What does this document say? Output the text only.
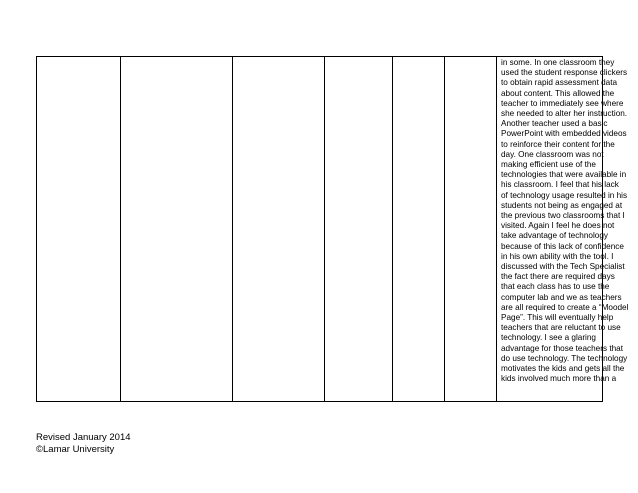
in some. In one classroom they
used the student response clickers
to obtain rapid assessment data
about content. This allowed the
teacher to immediately see where
she needed to alter her instruction.
Another teacher used a basic
PowerPoint with embedded videos
to reinforce their content for the
day. One classroom was not
making efficient use of the
technologies that were available in
his classroom. I feel that his lack
of technology usage resulted in his
students not being as engaged at
the previous two classrooms that I
visited. Again I feel he does not
take advantage of technology
because of this lack of confidence
in his own ability with the tool. I
discussed with the Tech Specialist
the fact there are required days
that each class has to use the
computer lab and we as teachers
are all required to create a “Moodel
Page”. This will eventually help
teachers that are reluctant to use
technology. I see a glaring
advantage for those teachers that
do use technology. The technology
motivates the kids and gets all the
kids involved much more than a
Revised January 2014
©Lamar University
